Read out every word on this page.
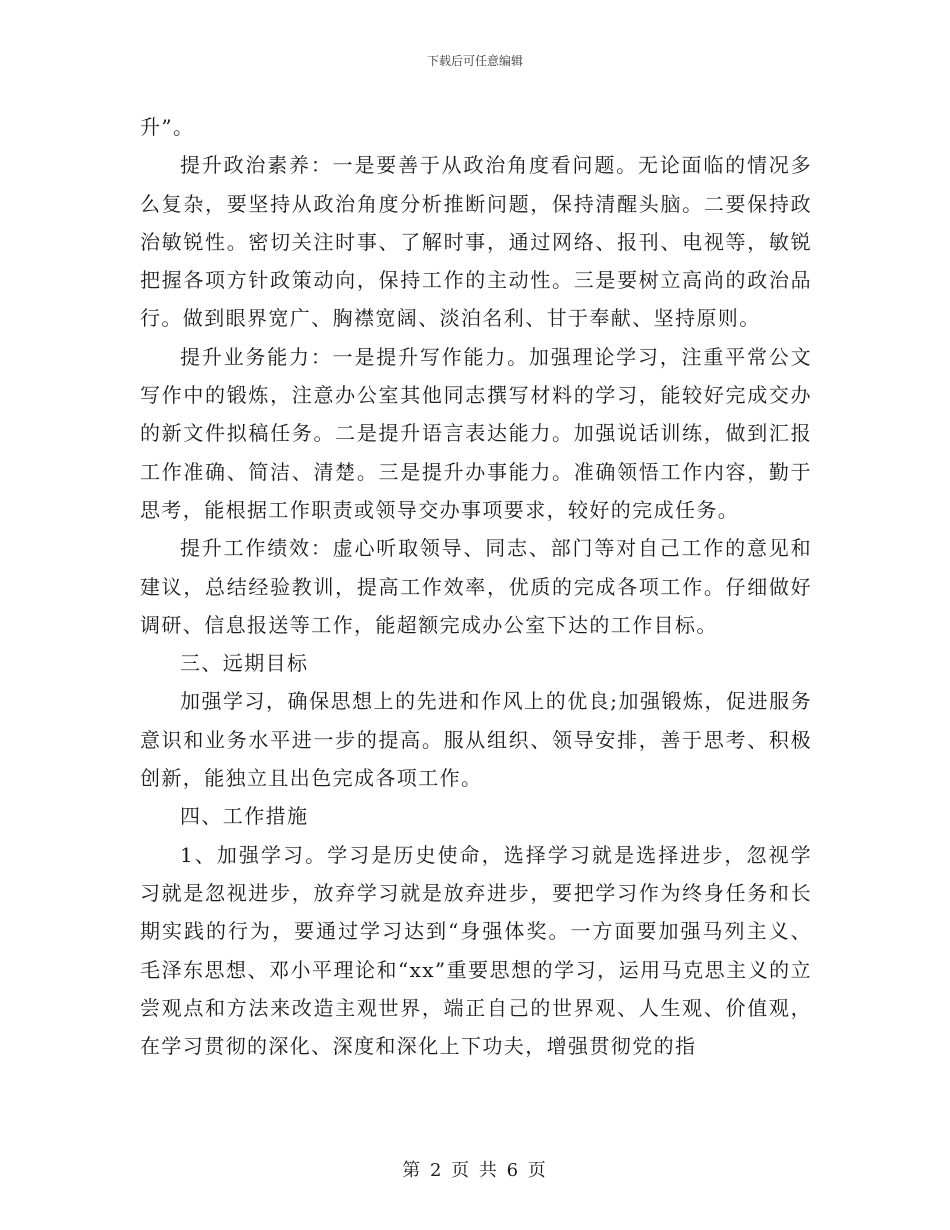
下载后可任意编辑

升”。

提升政治素养：一是要善于从政治角度看问题。无论面临的情况多么复杂，要坚持从政治角度分析推断问题，保持清醒头脑。二要保持政治敏锐性。密切关注时事、了解时事，通过网络、报刊、电视等，敏锐把握各项方针政策动向，保持工作的主动性。三是要树立高尚的政治品行。做到眼界宽广、胸襟宽阔、淡泊名利、甘于奉献、坚持原则。

提升业务能力：一是提升写作能力。加强理论学习，注重平常公文写作中的锻炼，注意办公室其他同志撰写材料的学习，能较好完成交办的新文件拟稿任务。二是提升语言表达能力。加强说话训练，做到汇报工作准确、简洁、清楚。三是提升办事能力。准确领悟工作内容，勤于思考，能根据工作职责或领导交办事项要求，较好的完成任务。

提升工作绩效：虚心听取领导、同志、部门等对自己工作的意见和建议，总结经验教训，提高工作效率，优质的完成各项工作。仔细做好调研、信息报送等工作，能超额完成办公室下达的工作目标。

三、远期目标

加强学习，确保思想上的先进和作风上的优良;加强锻炼，促进服务意识和业务水平进一步的提高。服从组织、领导安排，善于思考、积极创新，能独立且出色完成各项工作。

四、工作措施

1、加强学习。学习是历史使命，选择学习就是选择进步，忽视学习就是忽视进步，放弃学习就是放弃进步，要把学习作为终身任务和长期实践的行为，要通过学习达到“身强体奖。一方面要加强马列主义、毛泽东思想、邓小平理论和“xx”重要思想的学习，运用马克思主义的立尝观点和方法来改造主观世界，端正自己的世界观、人生观、价值观，在学习贯彻的深化、深度和深化上下功夫，增强贯彻党的指

第 2 页 共 6 页
